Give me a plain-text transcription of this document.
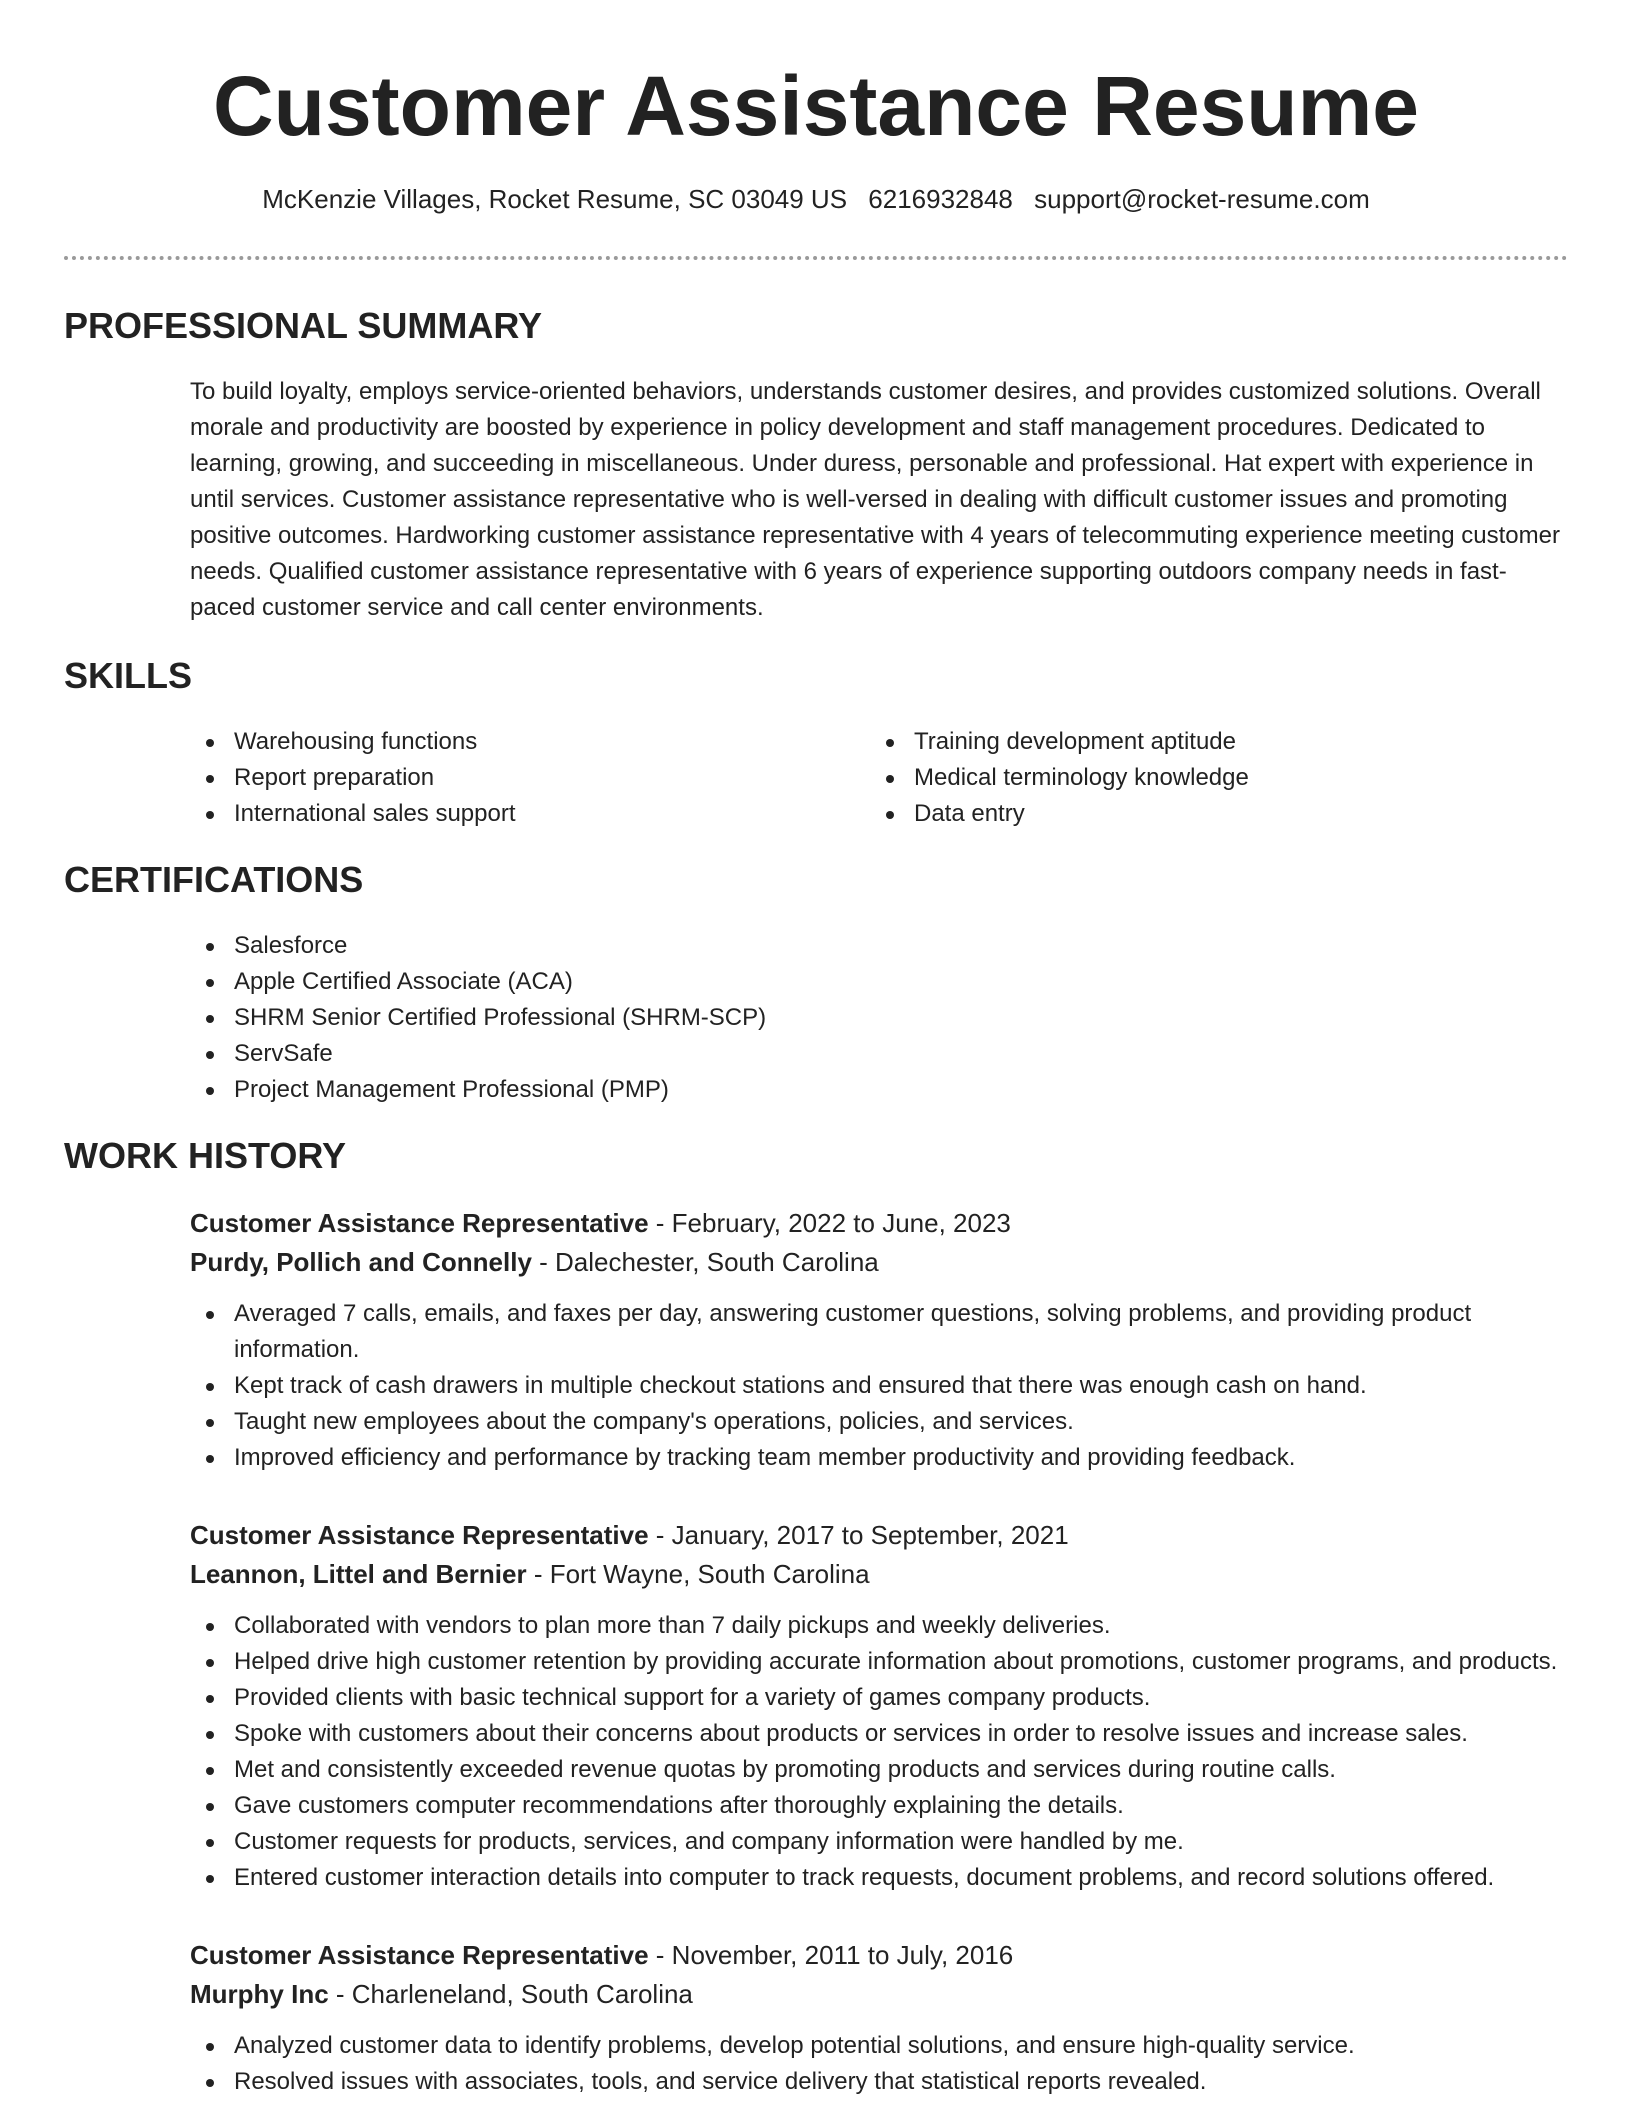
Customer Assistance Resume
McKenzie Villages, Rocket Resume, SC 03049 US 6216932848 support@rocket-resume.com
PROFESSIONAL SUMMARY

To build loyalty, employs service-oriented behaviors, understands customer desires, and provides customized solutions. Overall morale and productivity are boosted by experience in policy development and staff management procedures. Dedicated to learning, growing, and succeeding in miscellaneous. Under duress, personable and professional. Hat expert with experience in until services. Customer assistance representative who is well-versed in dealing with difficult customer issues and promoting positive outcomes. Hardworking customer assistance representative with 4 years of telecommuting experience meeting customer needs. Qualified customer assistance representative with 6 years of experience supporting outdoors company needs in fast-paced customer service and call center environments.

SKILLS
Warehousing functions
Report preparation
International sales support
Training development aptitude
Medical terminology knowledge
Data entry
CERTIFICATIONS
Salesforce
Apple Certified Associate (ACA)
SHRM Senior Certified Professional (SHRM-SCP)
ServSafe
Project Management Professional (PMP)
WORK HISTORY
Customer Assistance Representative - February, 2022 to June, 2023
Purdy, Pollich and Connelly - Dalechester, South Carolina
Averaged 7 calls, emails, and faxes per day, answering customer questions, solving problems, and providing product information.
Kept track of cash drawers in multiple checkout stations and ensured that there was enough cash on hand.
Taught new employees about the company's operations, policies, and services.
Improved efficiency and performance by tracking team member productivity and providing feedback.
Customer Assistance Representative - January, 2017 to September, 2021
Leannon, Littel and Bernier - Fort Wayne, South Carolina
Collaborated with vendors to plan more than 7 daily pickups and weekly deliveries.
Helped drive high customer retention by providing accurate information about promotions, customer programs, and products.
Provided clients with basic technical support for a variety of games company products.
Spoke with customers about their concerns about products or services in order to resolve issues and increase sales.
Met and consistently exceeded revenue quotas by promoting products and services during routine calls.
Gave customers computer recommendations after thoroughly explaining the details.
Customer requests for products, services, and company information were handled by me.
Entered customer interaction details into computer to track requests, document problems, and record solutions offered.
Customer Assistance Representative - November, 2011 to July, 2016
Murphy Inc - Charleneland, South Carolina
Analyzed customer data to identify problems, develop potential solutions, and ensure high-quality service.
Resolved issues with associates, tools, and service delivery that statistical reports revealed.
